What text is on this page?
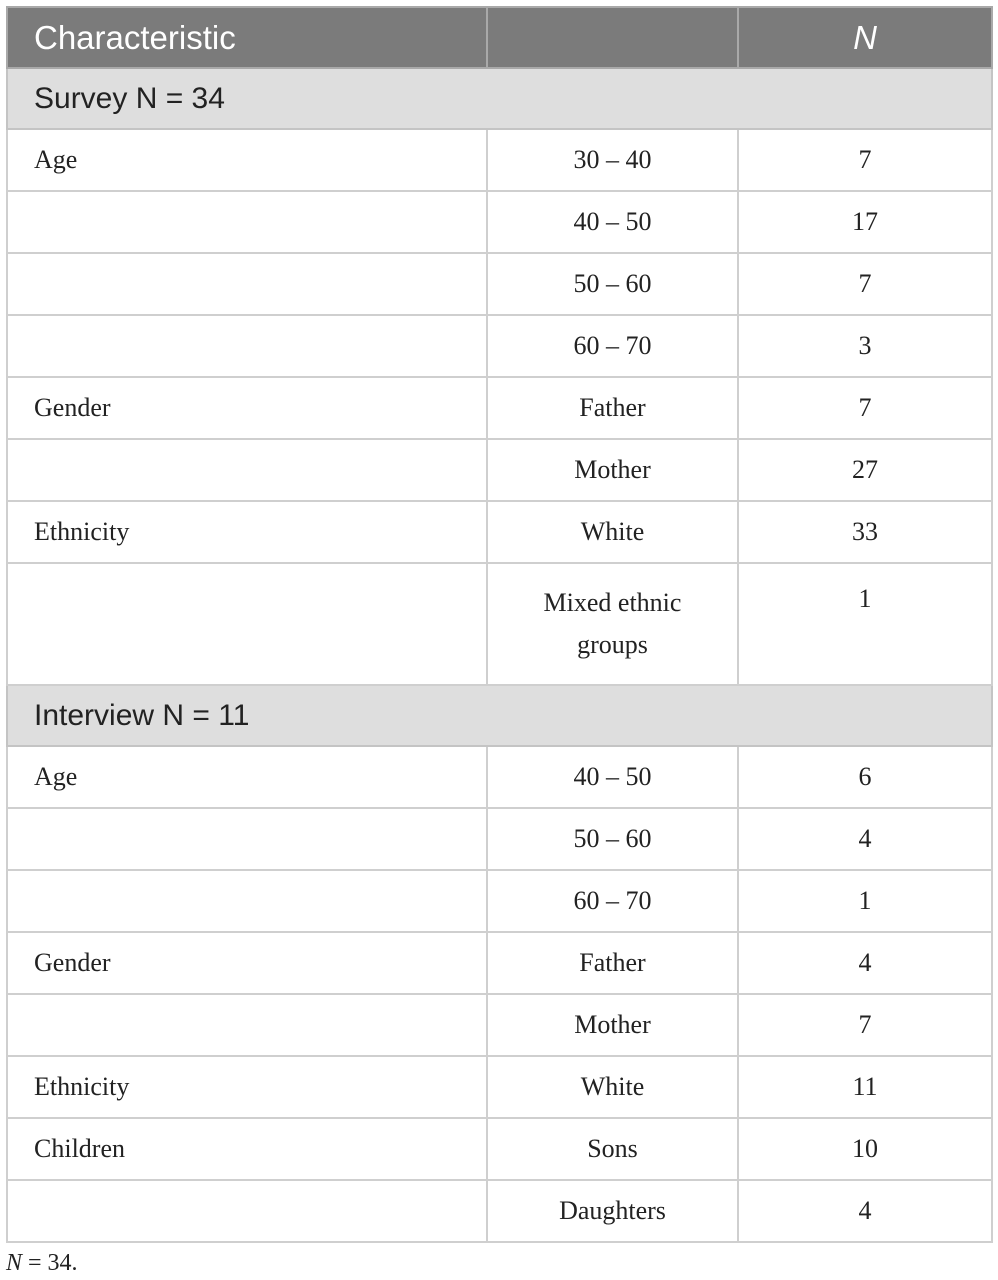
Characteristic		N
Survey N = 34		
Age	30 – 40	7
	40 – 50	17
	50 – 60	7
	60 – 70	3
Gender	Father	7
	Mother	27
Ethnicity	White	33
	Mixed ethnic groups	1
Interview N = 11		
Age	40 – 50	6
	50 – 60	4
	60 – 70	1
Gender	Father	4
	Mother	7
Ethnicity	White	11
Children	Sons	10
	Daughters	4
N = 34.
